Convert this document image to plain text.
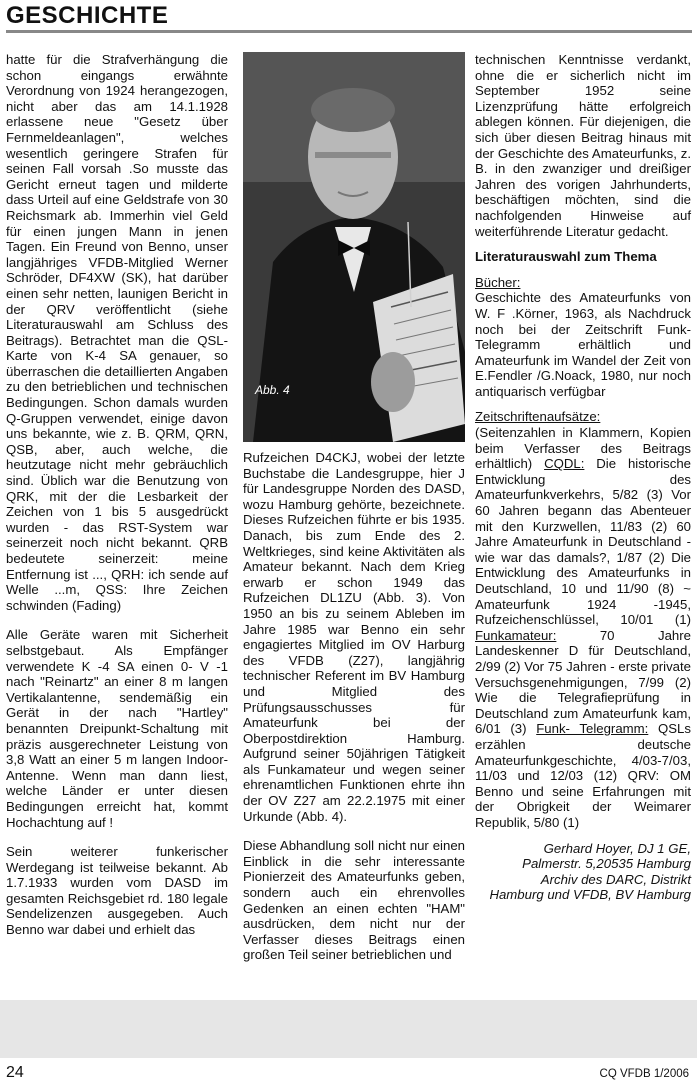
GESCHICHTE

hatte für die Strafverhängung die schon eingangs erwähnte Verordnung von 1924 herangezogen, nicht aber das am 14.1.1928 erlassene neue "Gesetz über Fernmeldeanlagen", welches wesentlich geringere Strafen für seinen Fall vorsah .So musste das Gericht erneut tagen und milderte dass Urteil auf eine Geldstrafe von 30 Reichsmark ab. Immerhin viel Geld für einen jungen Mann in jenen Tagen. Ein Freund von Benno, unser langjähriges VFDB-Mitglied Werner Schröder, DF4XW (SK), hat darüber einen sehr netten, launigen Bericht in der QRV veröffentlicht (siehe Literaturauswahl am Schluss des Beitrags). Betrachtet man die QSL-Karte von K-4 SA genauer, so überraschen die detaillierten Angaben zu den betrieblichen und technischen Bedingungen. Schon damals wurden Q-Gruppen verwendet, einige davon uns bekannte, wie z. B. QRM, QRN, QSB, aber, auch welche, die heutzutage nicht mehr gebräuchlich sind. Üblich war die Benutzung von QRK, mit der die Lesbarkeit der Zeichen von 1 bis 5 ausgedrückt wurden - das RST-System war seinerzeit noch nicht bekannt. QRB bedeutete seinerzeit: meine Entfernung ist ..., QRH: ich sende auf Welle ...m, QSS: Ihre Zeichen schwinden (Fading)

Alle Geräte waren mit Sicherheit selbstgebaut. Als Empfänger verwendete K -4 SA einen 0- V -1 nach "Reinartz" an einer 8 m langen Vertikalantenne, sendemäßig ein Gerät in der nach "Hartley" benannten Dreipunkt-Schaltung mit präzis ausgerechneter Leistung von 3,8 Watt an einer 5 m langen Indoor-Antenne. Wenn man dann liest, welche Länder er unter diesen Bedingungen erreicht hat, kommt Hochachtung auf !

Sein weiterer funkerischer Werdegang ist teilweise bekannt. Ab 1.7.1933 wurden vom DASD im gesamten Reichsgebiet rd. 180 legale Sendelizenzen ausgegeben. Auch Benno war dabei und erhielt das

Abb. 4

Rufzeichen D4CKJ, wobei der letzte Buchstabe die Landesgruppe, hier J für Landesgruppe Norden des DASD, wozu Hamburg gehörte, bezeichnete. Dieses Rufzeichen führte er bis 1935. Danach, bis zum Ende des 2. Weltkrieges, sind keine Aktivitäten als Amateur bekannt. Nach dem Krieg erwarb er schon 1949 das Rufzeichen DL1ZU (Abb. 3). Von 1950 an bis zu seinem Ableben im Jahre 1985 war Benno ein sehr engagiertes Mitglied im OV Harburg des VFDB (Z27), langjährig technischer Referent im BV Hamburg und Mitglied des Prüfungsausschusses für Amateurfunk bei der Oberpostdirektion Hamburg. Aufgrund seiner 50jährigen Tätigkeit als Funkamateur und wegen seiner ehrenamtlichen Funktionen ehrte ihn der OV Z27 am 22.2.1975 mit einer Urkunde (Abb. 4).

Diese Abhandlung soll nicht nur einen Einblick in die sehr interessante Pionierzeit des Amateurfunks geben, sondern auch ein ehrenvolles Gedenken an einen echten "HAM" ausdrücken, dem nicht nur der Verfasser dieses Beitrags einen großen Teil seiner betrieblichen und

technischen Kenntnisse verdankt, ohne die er sicherlich nicht im September 1952 seine Lizenzprüfung hätte erfolgreich ablegen können. Für diejenigen, die sich über diesen Beitrag hinaus mit der Geschichte des Amateurfunks, z. B. in den zwanziger und dreißiger Jahren des vorigen Jahrhunderts, beschäftigen möchten, sind die nachfolgenden Hinweise auf weiterführende Literatur gedacht.

Literaturauswahl zum Thema

Bücher:
Geschichte des Amateurfunks von W. F .Körner, 1963, als Nachdruck noch bei der Zeitschrift Funk-Telegramm erhältlich und Amateurfunk im Wandel der Zeit von E.Fendler /G.Noack, 1980, nur noch antiquarisch verfügbar

Zeitschriftenaufsätze:
(Seitenzahlen in Klammern, Kopien beim Verfasser des Beitrags erhältlich) CQDL: Die historische Entwicklung des Amateurfunkverkehrs, 5/82 (3) Vor 60 Jahren begann das Abenteuer mit den Kurzwellen, 11/83 (2) 60 Jahre Amateurfunk in Deutschland - wie war das damals?, 1/87 (2) Die Entwicklung des Amateurfunks in Deutschland, 10 und 11/90 (8) ~ Amateurfunk 1924 -1945, Rufzeichenschlüssel, 10/01 (1) Funkamateur: 70 Jahre Landeskenner D für Deutschland, 2/99 (2) Vor 75 Jahren - erste private Versuchsgenehmigungen, 7/99 (2) Wie die Telegrafieprüfung in Deutschland zum Amateurfunk kam, 6/01 (3) Funk- Telegramm: QSLs erzählen deutsche Amateurfunkgeschichte, 4/03-7/03, 11/03 und 12/03 (12) QRV: OM Benno und seine Erfahrungen mit der Obrigkeit der Weimarer Republik, 5/80 (1)

Gerhard Hoyer, DJ 1 GE,
Palmerstr. 5,20535 Hamburg
Archiv des DARC, Distrikt
Hamburg und VFDB, BV Hamburg

24	CQ VFDB 1/2006
